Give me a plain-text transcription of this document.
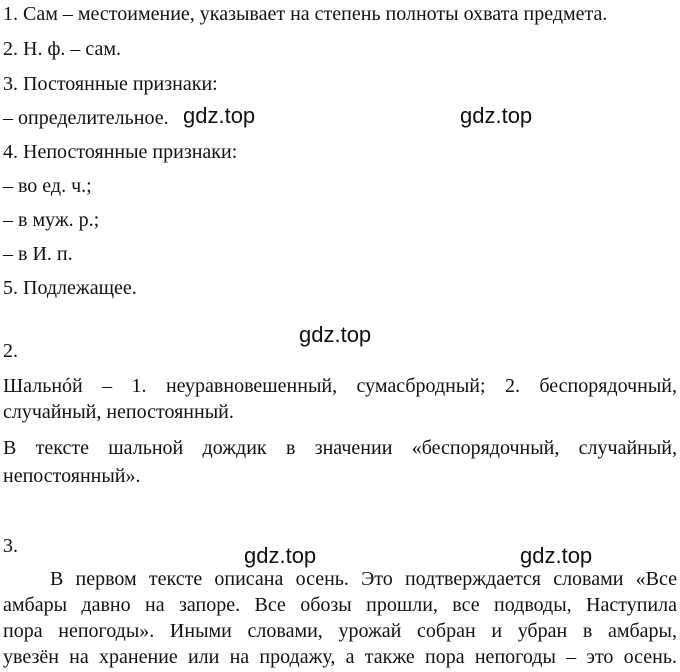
1. Сам – местоимение, указывает на степень полноты охвата предмета.
2. Н. ф. – сам.
3. Постоянные признаки:
– определительное.
4. Непостоянные признаки:
– во ед. ч.;
– в муж. р.;
– в И. п.
5. Подлежащее.
2.
Шальнóй – 1. неуравновешенный, сумасбродный; 2. беспорядочный,
случайный, непостоянный.
В тексте шальной дождик в значении «беспорядочный, случайный,
непостоянный».
3.
В первом тексте описана осень. Это подтверждается словами «Все
амбары давно на запоре. Все обозы прошли, все подводы, Наступила
пора непогоды». Иными словами, урожай собран и убран в амбары,
увезён на хранение или на продажу, а также пора непогоды – это осень.
gdz.top	gdz.top
gdz.top
gdz.top	gdz.top
